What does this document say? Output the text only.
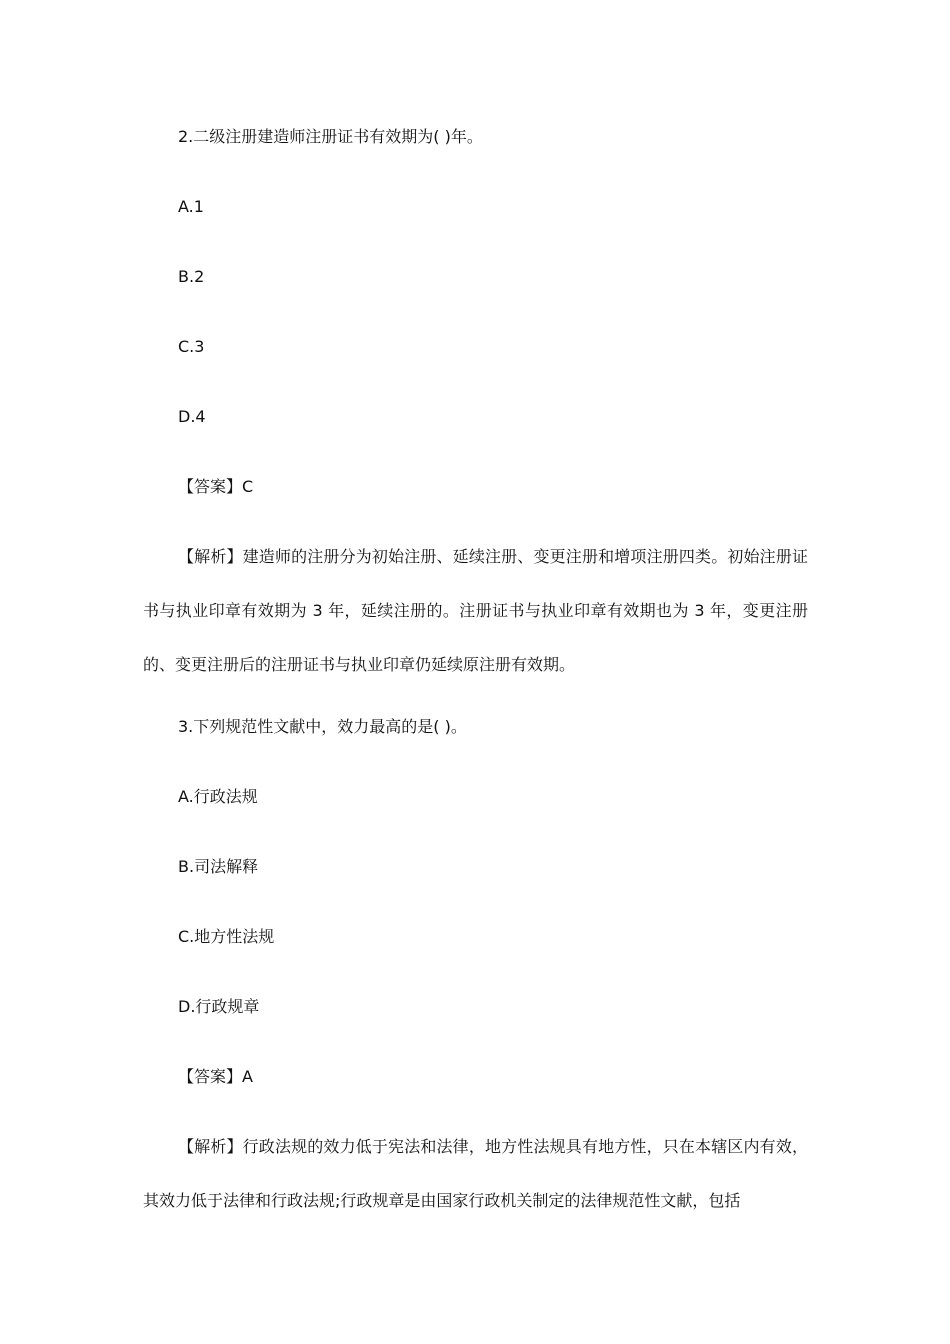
2.二级注册建造师注册证书有效期为( )年。
A.1
B.2
C.3
D.4
【答案】C
【解析】建造师的注册分为初始注册、延续注册、变更注册和增项注册四类。初始注册证书与执业印章有效期为 3 年，延续注册的。注册证书与执业印章有效期也为 3 年，变更注册的、变更注册后的注册证书与执业印章仍延续原注册有效期。
3.下列规范性文献中，效力最高的是( )。
A.行政法规
B.司法解释
C.地方性法规
D.行政规章
【答案】A
【解析】行政法规的效力低于宪法和法律，地方性法规具有地方性，只在本辖区内有效，其效力低于法律和行政法规;行政规章是由国家行政机关制定的法律规范性文献，包括
